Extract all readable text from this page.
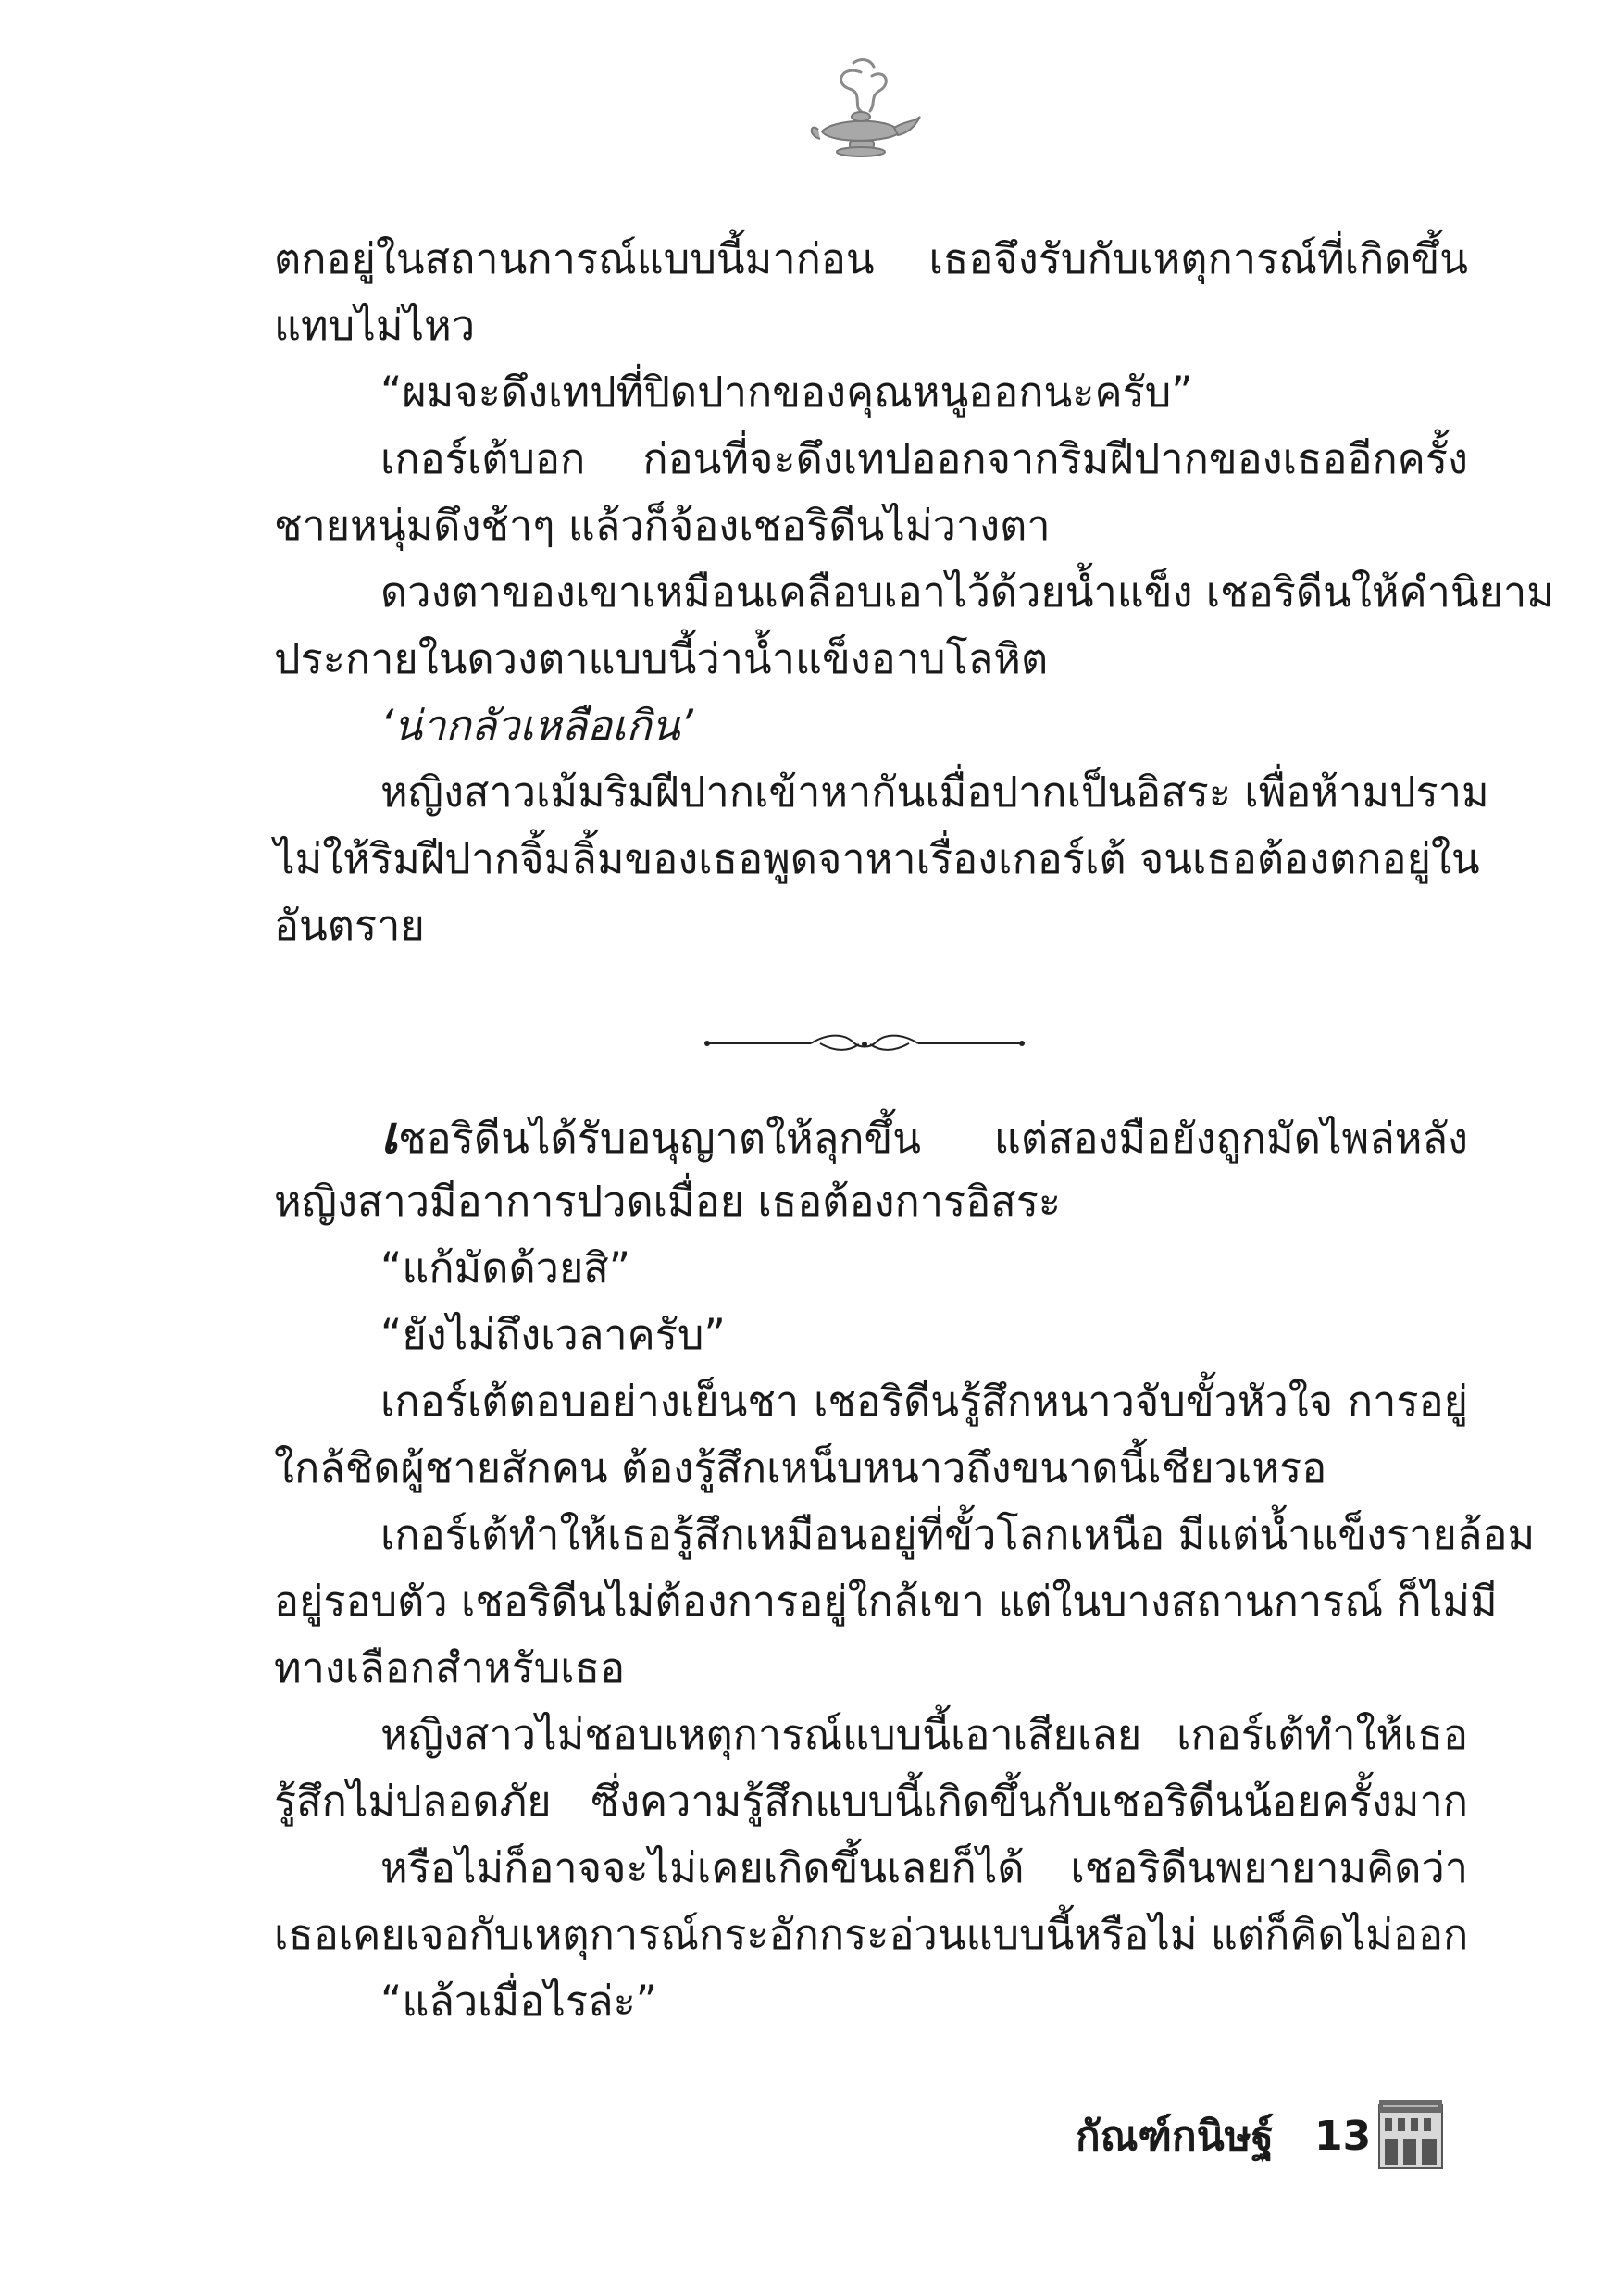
ตกอยู่ในสถานการณ์แบบนี้มาก่อน เธอจึงรับกับเหตุการณ์ที่เกิดขึ้น
แทบไม่ไหว
“ผมจะดึงเทปที่ปิดปากของคุณหนูออกนะครับ”
เกอร์เต้บอก ก่อนที่จะดึงเทปออกจากริมฝีปากของเธออีกครั้ง
ชายหนุ่มดึงช้าๆ แล้วก็จ้องเชอริดีนไม่วางตา
ดวงตาของเขาเหมือนเคลือบเอาไว้ด้วยน้ำแข็ง เชอริดีนให้คำนิยาม
ประกายในดวงตาแบบนี้ว่าน้ำแข็งอาบโลหิต
‘น่ากลัวเหลือเกิน’
หญิงสาวเม้มริมฝีปากเข้าหากันเมื่อปากเป็นอิสระ เพื่อห้ามปราม
ไม่ให้ริมฝีปากจิ้มลิ้มของเธอพูดจาหาเรื่องเกอร์เต้ จนเธอต้องตกอยู่ใน
อันตราย
เชอริดีนได้รับอนุญาตให้ลุกขึ้น แต่สองมือยังถูกมัดไพล่หลัง
หญิงสาวมีอาการปวดเมื่อย เธอต้องการอิสระ
“แก้มัดด้วยสิ”
“ยังไม่ถึงเวลาครับ”
เกอร์เต้ตอบอย่างเย็นชา เชอริดีนรู้สึกหนาวจับขั้วหัวใจ การอยู่
ใกล้ชิดผู้ชายสักคน ต้องรู้สึกเหน็บหนาวถึงขนาดนี้เชียวเหรอ
เกอร์เต้ทำให้เธอรู้สึกเหมือนอยู่ที่ขั้วโลกเหนือ มีแต่น้ำแข็งรายล้อม
อยู่รอบตัว เชอริดีนไม่ต้องการอยู่ใกล้เขา แต่ในบางสถานการณ์ ก็ไม่มี
ทางเลือกสำหรับเธอ
หญิงสาวไม่ชอบเหตุการณ์แบบนี้เอาเสียเลย เกอร์เต้ทำให้เธอ
รู้สึกไม่ปลอดภัย ซึ่งความรู้สึกแบบนี้เกิดขึ้นกับเชอริดีนน้อยครั้งมาก
หรือไม่ก็อาจจะไม่เคยเกิดขึ้นเลยก็ได้ เชอริดีนพยายามคิดว่า
เธอเคยเจอกับเหตุการณ์กระอักกระอ่วนแบบนี้หรือไม่ แต่ก็คิดไม่ออก
“แล้วเมื่อไรล่ะ”
กัณฑ์กนิษฐ์ 13
